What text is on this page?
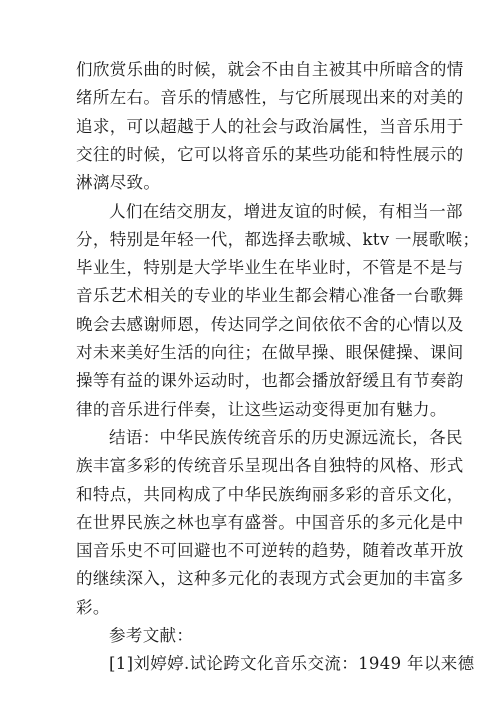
们欣赏乐曲的时候，就会不由自主被其中所暗含的情
绪所左右。音乐的情感性，与它所展现出来的对美的
追求，可以超越于人的社会与政治属性，当音乐用于
交往的时候，它可以将音乐的某些功能和特性展示的
淋漓尽致。
人们在结交朋友，增进友谊的时候，有相当一部
分，特别是年轻一代，都选择去歌城、ktv 一展歌喉；
毕业生，特别是大学毕业生在毕业时，不管是不是与
音乐艺术相关的专业的毕业生都会精心准备一台歌舞
晚会去感谢师恩，传达同学之间依依不舍的心情以及
对未来美好生活的向往；在做早操、眼保健操、课间
操等有益的课外运动时，也都会播放舒缓且有节奏韵
律的音乐进行伴奏，让这些运动变得更加有魅力。
结语：中华民族传统音乐的历史源远流长，各民
族丰富多彩的传统音乐呈现出各自独特的风格、形式
和特点，共同构成了中华民族绚丽多彩的音乐文化，
在世界民族之林也享有盛誉。中国音乐的多元化是中
国音乐史不可回避也不可逆转的趋势，随着改革开放
的继续深入，这种多元化的表现方式会更加的丰富多
彩。
参考文献：
[1]刘婷婷.试论跨文化音乐交流：1949 年以来德
